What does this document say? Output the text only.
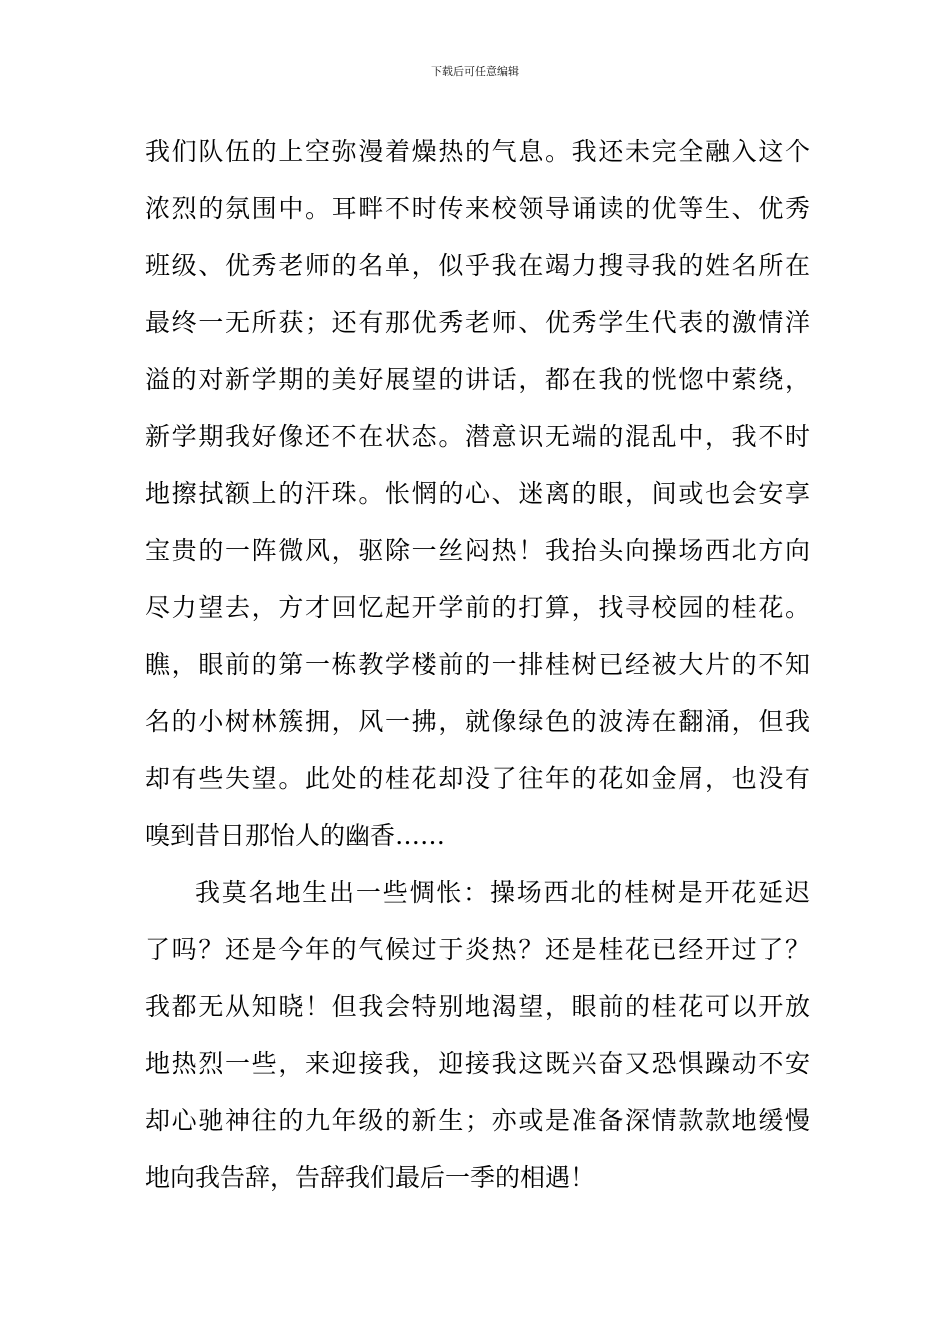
下载后可任意编辑
我们队伍的上空弥漫着燥热的气息。我还未完全融入这个
浓烈的氛围中。耳畔不时传来校领导诵读的优等生、优秀
班级、优秀老师的名单，似乎我在竭力搜寻我的姓名所在
最终一无所获；还有那优秀老师、优秀学生代表的激情洋
溢的对新学期的美好展望的讲话，都在我的恍惚中萦绕，
新学期我好像还不在状态。潜意识无端的混乱中，我不时
地擦拭额上的汗珠。怅惘的心、迷离的眼，间或也会安享
宝贵的一阵微风，驱除一丝闷热！我抬头向操场西北方向
尽力望去，方才回忆起开学前的打算，找寻校园的桂花。
瞧，眼前的第一栋教学楼前的一排桂树已经被大片的不知
名的小树林簇拥，风一拂，就像绿色的波涛在翻涌，但我
却有些失望。此处的桂花却没了往年的花如金屑，也没有
嗅到昔日那怡人的幽香……
我莫名地生出一些惆怅：操场西北的桂树是开花延迟
了吗？还是今年的气候过于炎热？还是桂花已经开过了？
我都无从知晓！但我会特别地渴望，眼前的桂花可以开放
地热烈一些，来迎接我，迎接我这既兴奋又恐惧躁动不安
却心驰神往的九年级的新生；亦或是准备深情款款地缓慢
地向我告辞，告辞我们最后一季的相遇！
